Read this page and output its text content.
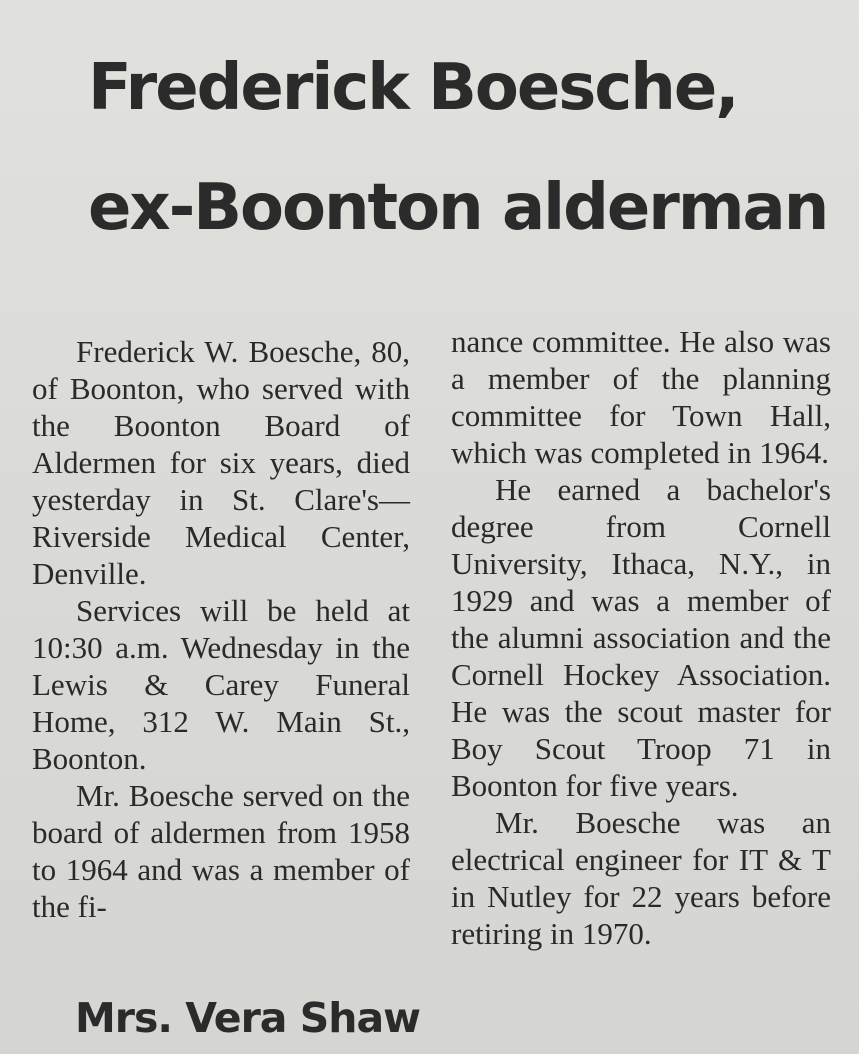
Frederick Boesche,
ex-Boonton alderman

Frederick W. Boesche, 80, of Boonton, who served with the Boonton Board of Aldermen for six years, died yesterday in St. Clare's—Riverside Medical Center, Denville.

Services will be held at 10:30 a.m. Wednesday in the Lewis & Carey Funeral Home, 312 W. Main St., Boonton.

Mr. Boesche served on the board of aldermen from 1958 to 1964 and was a member of the fi-

nance committee. He also was a member of the planning committee for Town Hall, which was completed in 1964.

He earned a bachelor's degree from Cornell University, Ithaca, N.Y., in 1929 and was a member of the alumni association and the Cornell Hockey Association. He was the scout master for Boy Scout Troop 71 in Boonton for five years.

Mr. Boesche was an electrical engineer for IT & T in Nutley for 22 years before retiring in 1970.

Mrs. Vera Shaw
